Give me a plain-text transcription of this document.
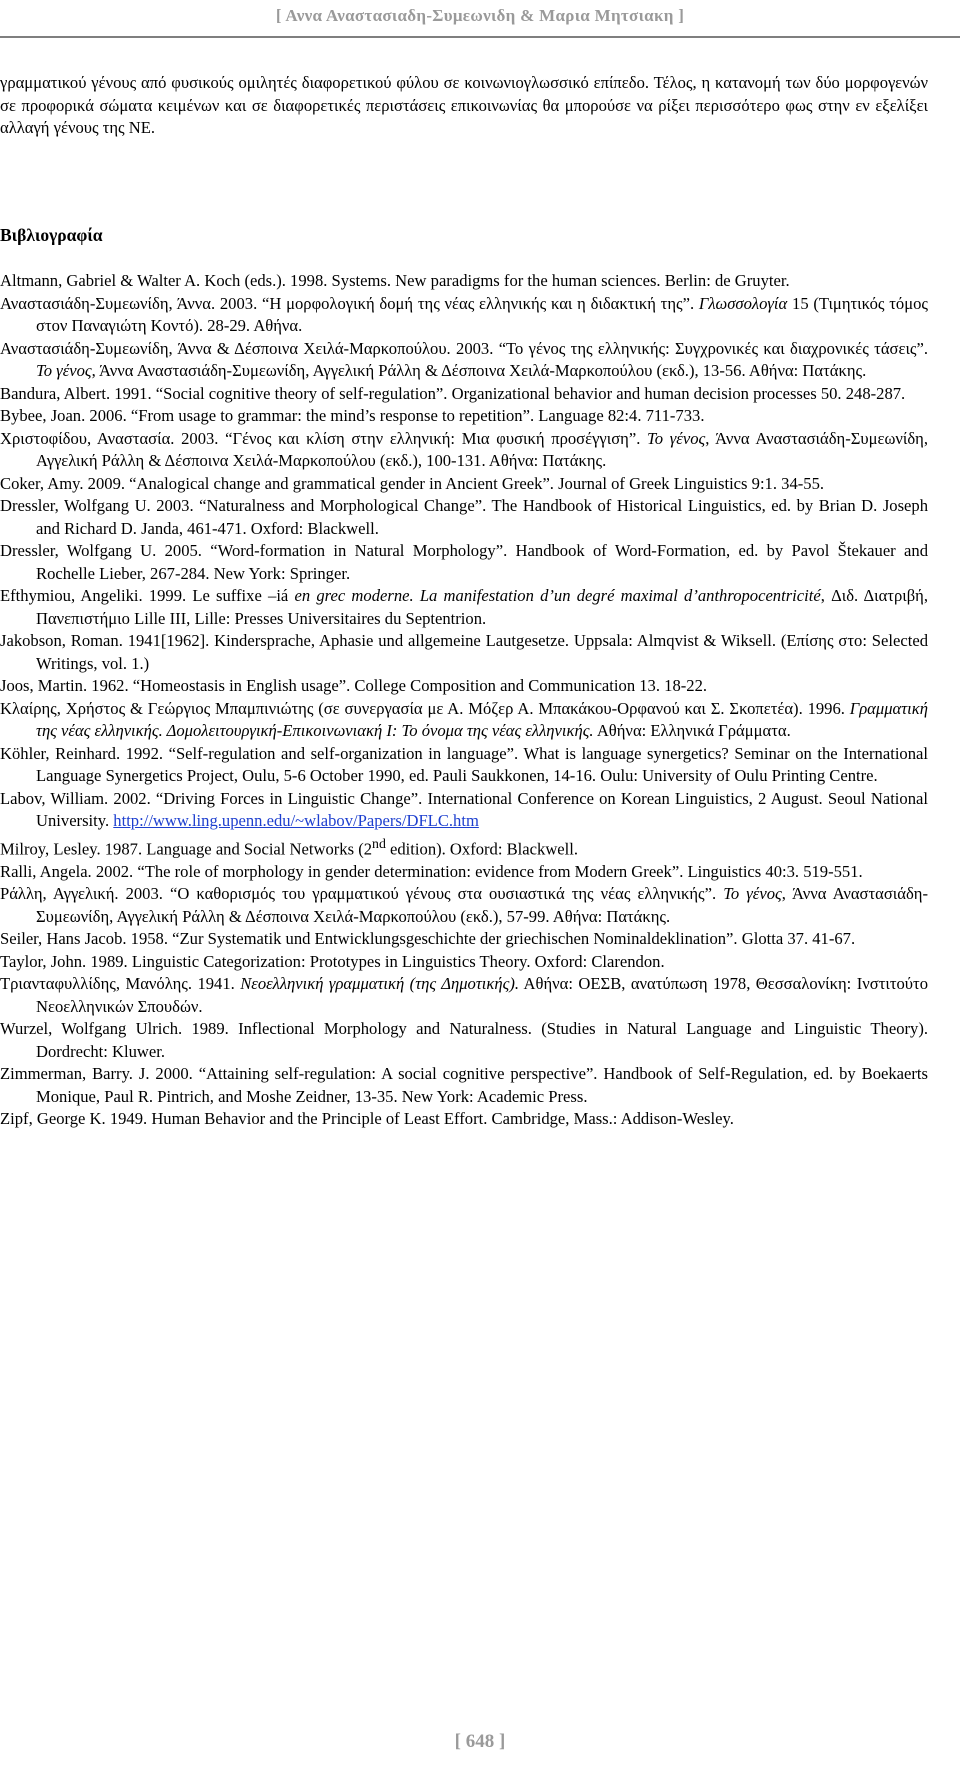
[ Αννα Αναστασιαδη-Συμεωνιδη & Μαρια Μητσιακη ]

γραμματικού γένους από φυσικούς ομιλητές διαφορετικού φύλου σε κοινωνιογλωσσικό επίπεδο. Τέλος, η κατανομή των δύο μορφογενών σε προφορικά σώματα κειμένων και σε διαφορετικές περιστάσεις επικοινωνίας θα μπορούσε να ρίξει περισσότερο φως στην εν εξελίξει αλλαγή γένους της ΝΕ.

Βιβλιογραφία

Altmann, Gabriel & Walter A. Koch (eds.). 1998. Systems. New paradigms for the human sciences. Berlin: de Gruyter.

Αναστασιάδη-Συμεωνίδη, Άννα. 2003. “Η μορφολογική δομή της νέας ελληνικής και η διδακτική της”. Γλωσσολογία 15 (Τιμητικός τόμος στον Παναγιώτη Κοντό). 28-29. Αθήνα.

Αναστασιάδη-Συμεωνίδη, Άννα & Δέσποινα Χειλά-Μαρκοπούλου. 2003. “Το γένος της ελληνικής: Συγχρονικές και διαχρονικές τάσεις”. Το γένος, Άννα Αναστασιάδη-Συμεωνίδη, Αγγελική Ράλλη & Δέσποινα Χειλά-Μαρκοπούλου (εκδ.), 13-56. Αθήνα: Πατάκης.

Bandura, Albert. 1991. “Social cognitive theory of self-regulation”. Organizational behavior and human decision processes 50. 248-287.

Bybee, Joan. 2006. “From usage to grammar: the mind’s response to repetition”. Language 82:4. 711-733.

Χριστοφίδου, Αναστασία. 2003. “Γένος και κλίση στην ελληνική: Μια φυσική προσέγγιση”. Το γένος, Άννα Αναστασιάδη-Συμεωνίδη, Αγγελική Ράλλη & Δέσποινα Χειλά-Μαρκοπούλου (εκδ.), 100-131. Αθήνα: Πατάκης.

Coker, Amy. 2009. “Analogical change and grammatical gender in Ancient Greek”. Journal of Greek Linguistics 9:1. 34-55.

Dressler, Wolfgang U. 2003. “Naturalness and Morphological Change”. The Handbook of Historical Linguistics, ed. by Brian D. Joseph and Richard D. Janda, 461-471. Oxford: Blackwell.

Dressler, Wolfgang U. 2005. “Word-formation in Natural Morphology”. Handbook of Word-Formation, ed. by Pavol Štekauer and Rochelle Lieber, 267-284. New York: Springer.

Efthymiou, Angeliki. 1999. Le suffixe –iá en grec moderne. La manifestation d’un degré maximal d’anthropocentricité, Διδ. Διατριβή, Πανεπιστήμιο Lille III, Lille: Presses Universitaires du Septentrion.

Jakobson, Roman. 1941[1962]. Kindersprache, Aphasie und allgemeine Lautgesetze. Uppsala: Almqvist & Wiksell. (Επίσης στο: Selected Writings, vol. 1.)

Joos, Martin. 1962. “Homeostasis in English usage”. College Composition and Communication 13. 18-22.

Κλαίρης, Χρήστος & Γεώργιος Μπαμπινιώτης (σε συνεργασία με Α. Μόζερ Α. Μπακάκου-Ορφανού και Σ. Σκοπετέα). 1996. Γραμματική της νέας ελληνικής. Δομολειτουργική-Επικοινωνιακή Ι: Το όνομα της νέας ελληνικής. Αθήνα: Ελληνικά Γράμματα.

Köhler, Reinhard. 1992. “Self-regulation and self-organization in language”. What is language synergetics? Seminar on the International Language Synergetics Project, Oulu, 5-6 October 1990, ed. Pauli Saukkonen, 14-16. Oulu: University of Oulu Printing Centre.

Labov, William. 2002. “Driving Forces in Linguistic Change”. International Conference on Korean Linguistics, 2 August. Seoul National University. http://www.ling.upenn.edu/~wlabov/Papers/DFLC.htm

Milroy, Lesley. 1987. Language and Social Networks (2nd edition). Oxford: Blackwell.

Ralli, Angela. 2002. “The role of morphology in gender determination: evidence from Modern Greek”. Linguistics 40:3. 519-551.

Ράλλη, Αγγελική. 2003. “Ο καθορισμός του γραμματικού γένους στα ουσιαστικά της νέας ελληνικής”. Το γένος, Άννα Αναστασιάδη-Συμεωνίδη, Αγγελική Ράλλη & Δέσποινα Χειλά-Μαρκοπούλου (εκδ.), 57-99. Αθήνα: Πατάκης.

Seiler, Hans Jacob. 1958. “Zur Systematik und Entwicklungsgeschichte der griechischen Nominaldeklination”. Glotta 37. 41-67.

Taylor, John. 1989. Linguistic Categorization: Prototypes in Linguistics Theory. Oxford: Clarendon.

Τριανταφυλλίδης, Μανόλης. 1941. Νεοελληνική γραμματική (της Δημοτικής). Αθήνα: ΟΕΣΒ, ανατύπωση 1978, Θεσσαλονίκη: Ινστιτούτο Νεοελληνικών Σπουδών.

Wurzel, Wolfgang Ulrich. 1989. Inflectional Morphology and Naturalness. (Studies in Natural Language and Linguistic Theory). Dordrecht: Kluwer.

Zimmerman, Barry. J. 2000. “Attaining self-regulation: A social cognitive perspective”. Handbook of Self-Regulation, ed. by Boekaerts Monique, Paul R. Pintrich, and Moshe Zeidner, 13-35. New York: Academic Press.

Zipf, George K. 1949. Human Behavior and the Principle of Least Effort. Cambridge, Mass.: Addison-Wesley.

[ 648 ]
